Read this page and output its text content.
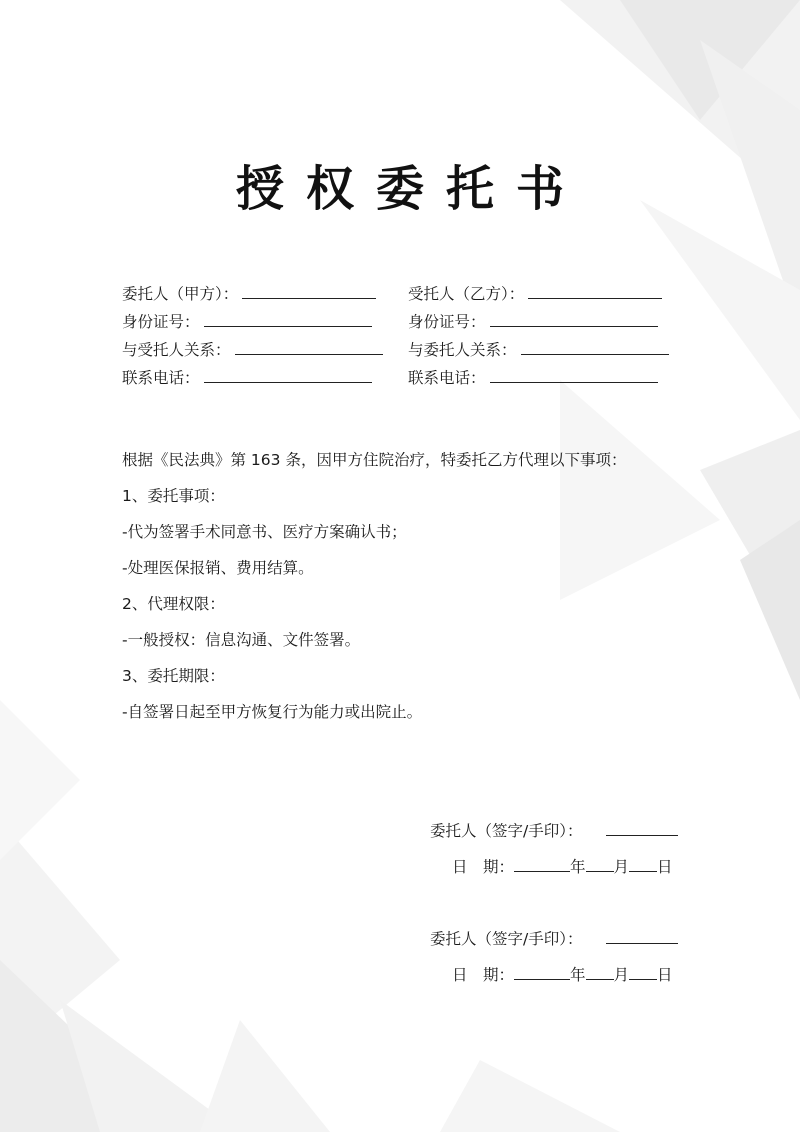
授权委托书
委托人（甲方）：	受托人（乙方）：
身份证号：	身份证号：
与受托人关系：	与委托人关系：
联系电话：	联系电话：
根据《民法典》第 163 条，因甲方住院治疗，特委托乙方代理以下事项：
1、委托事项：
-代为签署手术同意书、医疗方案确认书；
-处理医保报销、费用结算。
2、代理权限：
-一般授权：信息沟通、文件签署。
3、委托期限：
-自签署日起至甲方恢复行为能力或出院止。
委托人（签字/手印）：
日　期：	年 月 日
委托人（签字/手印）：
日　期：	年 月 日
